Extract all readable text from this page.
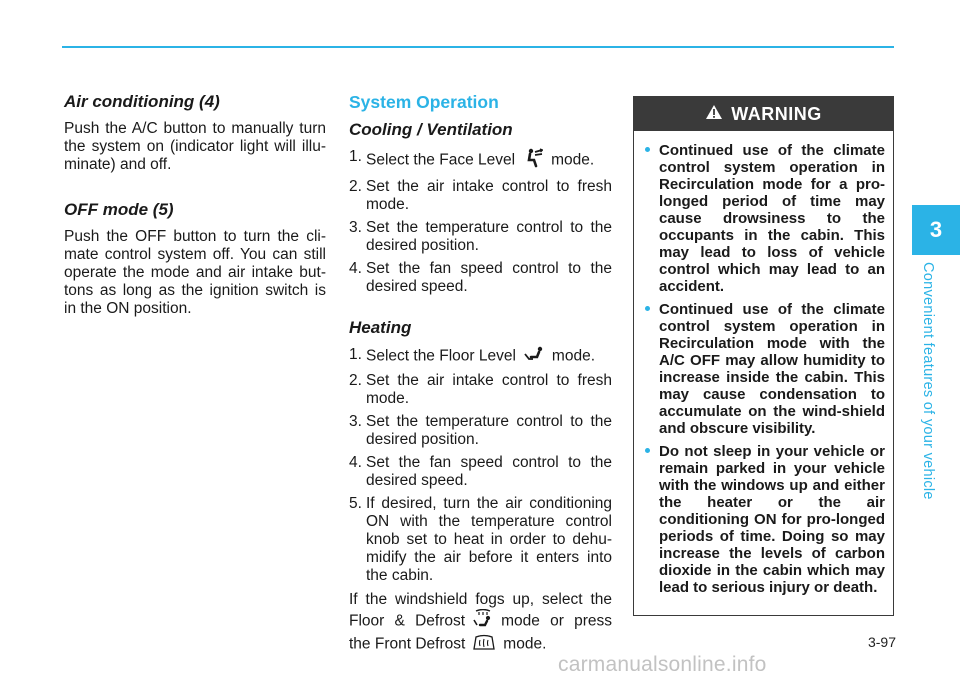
Air conditioning (4)

Push the A/C button to manually turn the system on (indicator light will illu-minate) and off.

OFF mode (5)

Push the OFF button to turn the cli-mate control system off. You can still operate the mode and air intake but-tons as long as the ignition switch is in the ON position.

System Operation
Cooling / Ventilation
1. Select the Face Level mode.
2. Set the air intake control to fresh mode.
3. Set the temperature control to the desired position.
4. Set the fan speed control to the desired speed.
Heating
1. Select the Floor Level mode.
2. Set the air intake control to fresh mode.
3. Set the temperature control to the desired position.
4. Set the fan speed control to the desired speed.
5. If desired, turn the air conditioning ON with the temperature control knob set to heat in order to dehu-midify the air before it enters into the cabin.

If the windshield fogs up, select the Floor & Defrost mode or press the Front Defrost mode.

WARNING
Continued use of the climate control system operation in Recirculation mode for a pro-longed period of time may cause drowsiness to the occupants in the cabin. This may lead to loss of vehicle control which may lead to an accident.
Continued use of the climate control system operation in Recirculation mode with the A/C OFF may allow humidity to increase inside the cabin. This may cause condensation to accumulate on the wind-shield and obscure visibility.
Do not sleep in your vehicle or remain parked in your vehicle with the windows up and either the heater or the air conditioning ON for pro-longed periods of time. Doing so may increase the levels of carbon dioxide in the cabin which may lead to serious injury or death.
3
Convenient features of your vehicle
3-97
carmanualsonline.info
